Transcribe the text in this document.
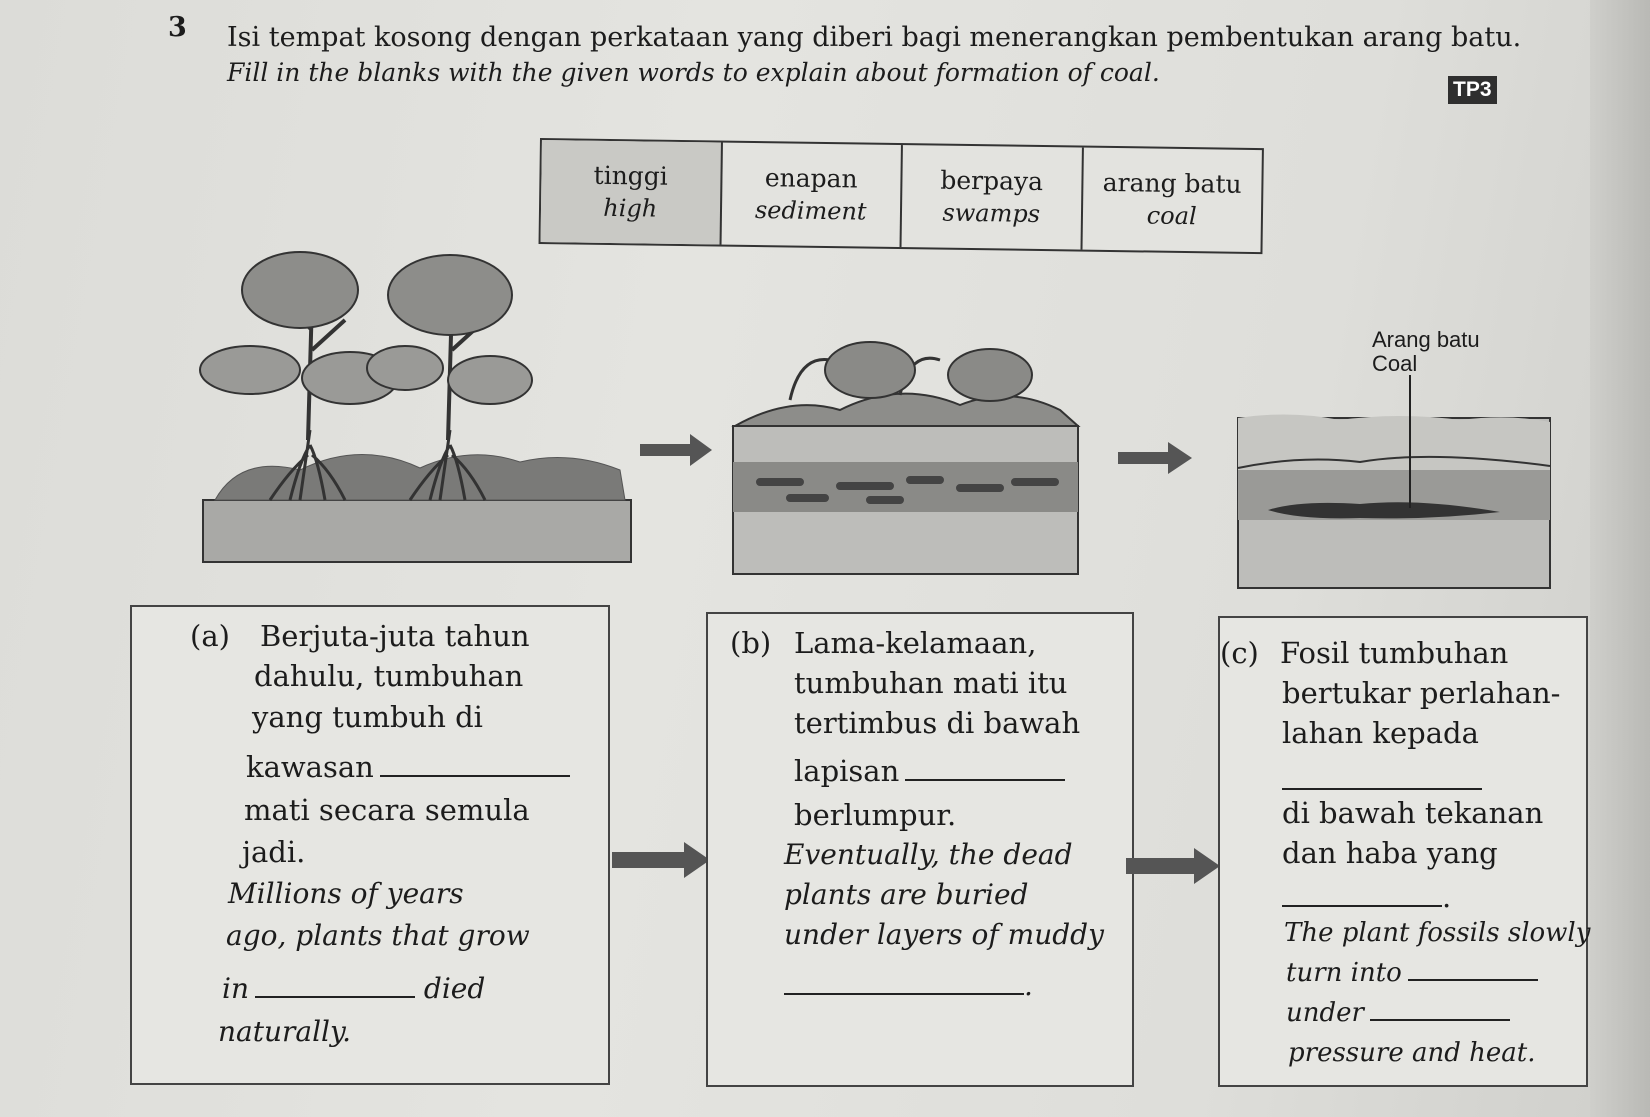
3 Isi tempat kosong dengan perkataan yang diberi bagi menerangkan pembentukan arang batu.
Fill in the blanks with the given words to explain about formation of coal.
TP3
tinggi
high
enapan
sediment
berpaya
swamps
arang batu
coal
Arang batu
Coal
(a) Berjuta-juta tahun
dahulu, tumbuhan
yang tumbuh di
kawasan
mati secara semula
jadi.
Millions of years
ago, plants that grow
in	died
naturally.
(b) Lama-kelamaan,
tumbuhan mati itu
tertimbus di bawah
lapisan
berlumpur.
Eventually, the dead
plants are buried
under layers of muddy
.
(c) Fosil tumbuhan
bertukar perlahan-
lahan kepada
di bawah tekanan
dan haba yang
.
The plant fossils slowly
turn into
under
pressure and heat.
